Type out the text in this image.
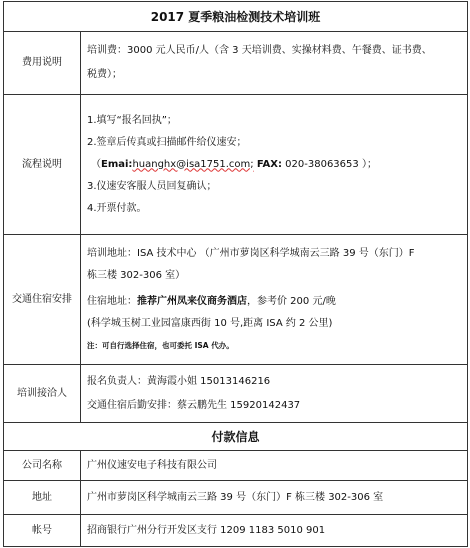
2017 夏季粮油检测技术培训班	
费用说明	培训费：3000 元人民币/人（含 3 天培训费、实操材料费、午餐费、证书费、
税费）；

流程说明	1.填写“报名回执”；
2.签章后传真或扫描邮件给仪速安；
（Emai:huanghx@isa1751.com; FAX: 020-38063653 ）；
3.仪速安客服人员回复确认；
4.开票付款。

交通住宿安排	培训地址：ISA 技术中心 （广州市萝岗区科学城南云三路 39 号（东门）F
栋三楼 302-306 室）
住宿地址：推荐广州凤来仪商务酒店，参考价 200 元/晚
(科学城玉树工业园富康西街 10 号,距离 ISA 约 2 公里)
注：可自行选择住宿，也可委托 ISA 代办。

培训接洽人	报名负责人：黄海霞小姐 15013146216
交通住宿后勤安排：蔡云鹏先生 15920142437

付款信息	
公司名称	广州仪速安电子科技有限公司
地址	广州市萝岗区科学城南云三路 39 号（东门）F 栋三楼 302-306 室
帐号	招商银行广州分行开发区支行 1209 1183 5010 901
